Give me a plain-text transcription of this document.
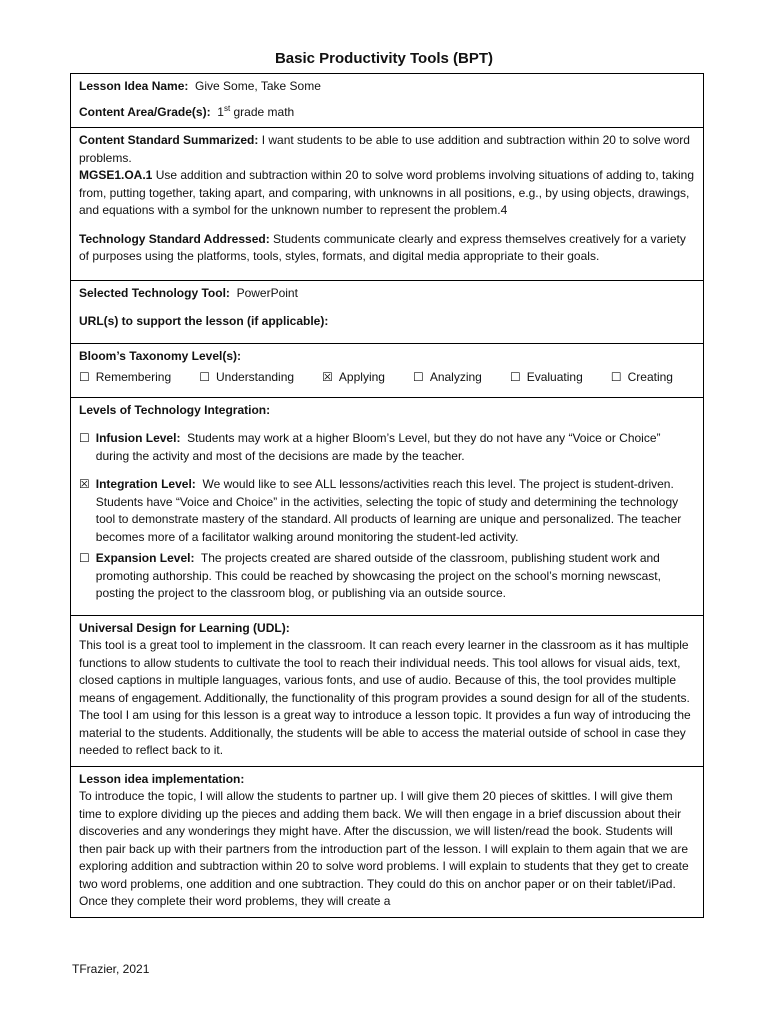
Basic Productivity Tools (BPT)

Lesson Idea Name: Give Some, Take Some

Content Area/Grade(s): 1st grade math

Content Standard Summarized: I want students to be able to use addition and subtraction within 20 to solve word problems.

MGSE1.OA.1 Use addition and subtraction within 20 to solve word problems involving situations of adding to, taking from, putting together, taking apart, and comparing, with unknowns in all positions, e.g., by using objects, drawings, and equations with a symbol for the unknown number to represent the problem.4

Technology Standard Addressed: Students communicate clearly and express themselves creatively for a variety of purposes using the platforms, tools, styles, formats, and digital media appropriate to their goals.

Selected Technology Tool: PowerPoint

URL(s) to support the lesson (if applicable):

Bloom’s Taxonomy Level(s):

☐ Remembering ☐ Understanding ☒ Applying ☐ Analyzing ☐ Evaluating ☐ Creating

Levels of Technology Integration:

☐ Infusion Level: Students may work at a higher Bloom’s Level, but they do not have any “Voice or Choice” during the activity and most of the decisions are made by the teacher.
☒ Integration Level: We would like to see ALL lessons/activities reach this level. The project is student-driven. Students have “Voice and Choice” in the activities, selecting the topic of study and determining the technology tool to demonstrate mastery of the standard. All products of learning are unique and personalized. The teacher becomes more of a facilitator walking around monitoring the student-led activity.
☐ Expansion Level: The projects created are shared outside of the classroom, publishing student work and promoting authorship. This could be reached by showcasing the project on the school’s morning newscast, posting the project to the classroom blog, or publishing via an outside source.

Universal Design for Learning (UDL):

This tool is a great tool to implement in the classroom. It can reach every learner in the classroom as it has multiple functions to allow students to cultivate the tool to reach their individual needs. This tool allows for visual aids, text, closed captions in multiple languages, various fonts, and use of audio. Because of this, the tool provides multiple means of engagement. Additionally, the functionality of this program provides a sound design for all of the students. The tool I am using for this lesson is a great way to introduce a lesson topic. It provides a fun way of introducing the material to the students. Additionally, the students will be able to access the material outside of school in case they needed to reflect back to it.

Lesson idea implementation:

To introduce the topic, I will allow the students to partner up. I will give them 20 pieces of skittles. I will give them time to explore dividing up the pieces and adding them back. We will then engage in a brief discussion about their discoveries and any wonderings they might have. After the discussion, we will listen/read the book. Students will then pair back up with their partners from the introduction part of the lesson. I will explain to them again that we are exploring addition and subtraction within 20 to solve word problems. I will explain to students that they get to create two word problems, one addition and one subtraction. They could do this on anchor paper or on their tablet/iPad. Once they complete their word problems, they will create a

TFrazier, 2021
